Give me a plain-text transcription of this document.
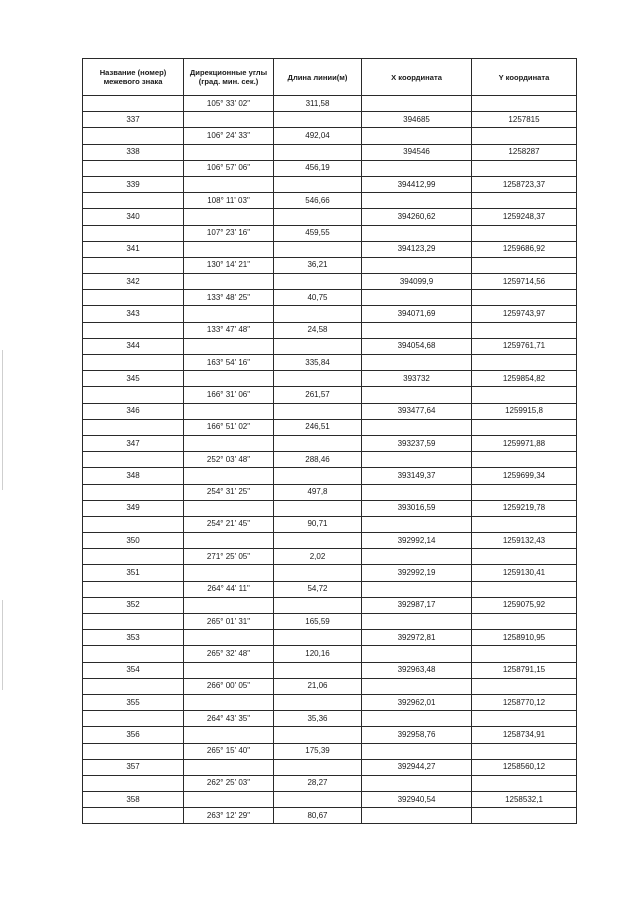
Название (номер) межевого знака	Дирекционные углы (град. мин. сек.)	Длина линии(м)	X координата	Y координата
	105° 33' 02"	311,58		
337			394685	1257815
	106° 24' 33"	492,04		
338			394546	1258287
	106° 57' 06"	456,19		
339			394412,99	1258723,37
	108° 11' 03"	546,66		
340			394260,62	1259248,37
	107° 23' 16"	459,55		
341			394123,29	1259686,92
	130° 14' 21"	36,21		
342			394099,9	1259714,56
	133° 48' 25"	40,75		
343			394071,69	1259743,97
	133° 47' 48"	24,58		
344			394054,68	1259761,71
	163° 54' 16"	335,84		
345			393732	1259854,82
	166° 31' 06"	261,57		
346			393477,64	1259915,8
	166° 51' 02"	246,51		
347			393237,59	1259971,88
	252° 03' 48"	288,46		
348			393149,37	1259699,34
	254° 31' 25"	497,8		
349			393016,59	1259219,78
	254° 21' 45"	90,71		
350			392992,14	1259132,43
	271° 25' 05"	2,02		
351			392992,19	1259130,41
	264° 44' 11"	54,72		
352			392987,17	1259075,92
	265° 01' 31"	165,59		
353			392972,81	1258910,95
	265° 32' 48"	120,16		
354			392963,48	1258791,15
	266° 00' 05"	21,06		
355			392962,01	1258770,12
	264° 43' 35"	35,36		
356			392958,76	1258734,91
	265° 15' 40"	175,39		
357			392944,27	1258560,12
	262° 25' 03"	28,27		
358			392940,54	1258532,1
	263° 12' 29"	80,67		
